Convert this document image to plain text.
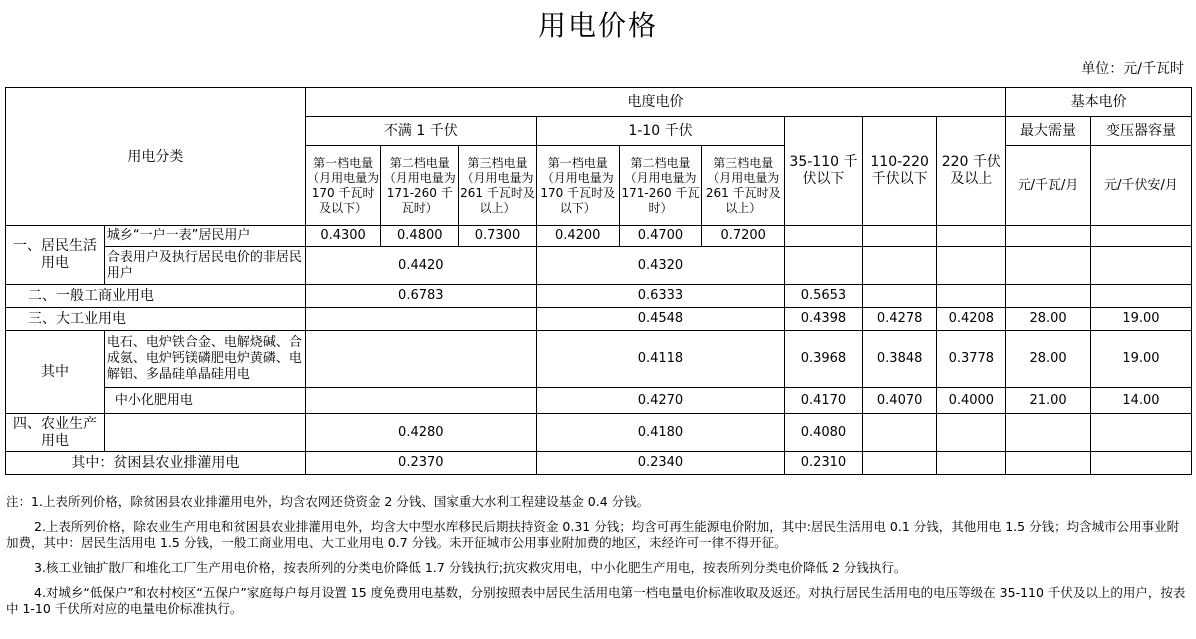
用电价格
单位：元/千瓦时
用电分类		电度电价									基本电价	
		不满 1 千伏			1-10 千伏			35-110 千伏以下	110-220 千伏以下	220 千伏及以上	最大需量	变压器容量
		第一档电量（月用电量为 170 千瓦时及以下）	第二档电量（月用电量为 171-260 千瓦时）	第三档电量（月用电量为 261 千瓦时及以上）	第一档电量（月用电量为 170 千瓦时及以下）	第二档电量（月用电量为 171-260 千瓦时）	第三档电量（月用电量为 261 千瓦时及以上）				元/千瓦/月	元/千伏安/月
一、居民生活用电	城乡“一户一表”居民用户	0.4300	0.4800	0.7300	0.4200	0.4700	0.7200					
	合表用户及执行居民电价的非居民用户	0.4420			0.4320							
二、一般工商业用电		0.6783			0.6333			0.5653				
三、大工业用电					0.4548			0.4398	0.4278	0.4208	28.00	19.00
其中	电石、电炉铁合金、电解烧碱、合成氨、电炉钙镁磷肥电炉黄磷、电解铝、多晶硅单晶硅用电				0.4118			0.3968	0.3848	0.3778	28.00	19.00
	中小化肥用电				0.4270			0.4170	0.4070	0.4000	21.00	14.00
四、农业生产用电		0.4280			0.4180			0.4080				
其中：贫困县农业排灌用电		0.2370			0.2340			0.2310				

注：1.上表所列价格，除贫困县农业排灌用电外，均含农网还贷资金 2 分钱、国家重大水利工程建设基金 0.4 分钱。

2.上表所列价格，除农业生产用电和贫困县农业排灌用电外，均含大中型水库移民后期扶持资金 0.31 分钱；均含可再生能源电价附加，其中:居民生活用电 0.1 分钱，其他用电 1.5 分钱；均含城市公用事业附加费，其中：居民生活用电 1.5 分钱，一般工商业用电、大工业用电 0.7 分钱。未开征城市公用事业附加费的地区，未经许可一律不得开征。

3.核工业铀扩散厂和堆化工厂生产用电价格，按表所列的分类电价降低 1.7 分钱执行;抗灾救灾用电，中小化肥生产用电，按表所列分类电价降低 2 分钱执行。

4.对城乡“低保户”和农村校区“五保户”家庭每户每月设置 15 度免费用电基数，分别按照表中居民生活用电第一档电量电价标准收取及返还。对执行居民生活用电的电压等级在 35-110 千伏及以上的用户，按表中 1-10 千伏所对应的电量电价标准执行。
